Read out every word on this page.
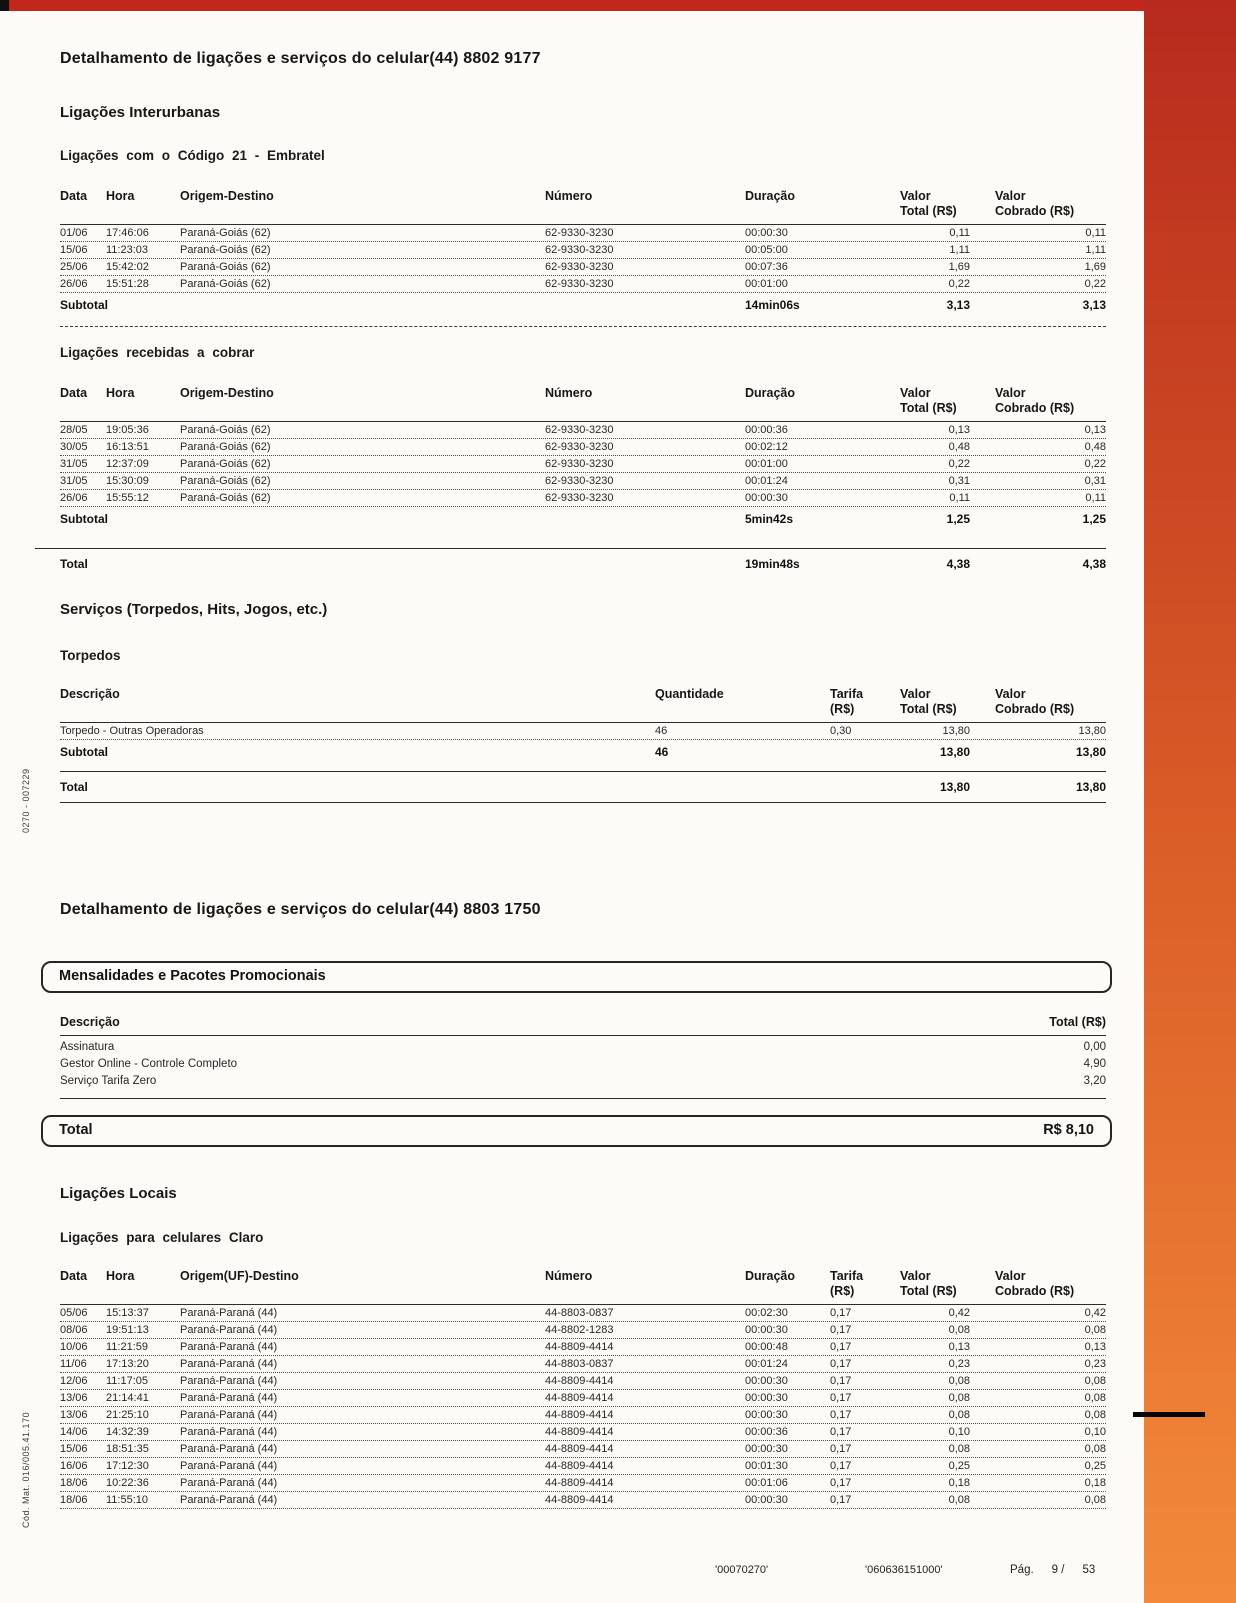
0270 - 007229
Cód. Mat. 016/005.41.170
Detalhamento de ligações e serviços do celular(44) 8802 9177
Ligações Interurbanas
Ligações com o Código 21 - Embratel
Data	Hora	Origem-Destino	Número	Duração	Valor
Total (R$)
Valor
Cobrado (R$)
01/06	17:46:06	Paraná-Goiás (62)	62-9330-3230	00:00:30	0,11	0,11
15/06	11:23:03	Paraná-Goiás (62)	62-9330-3230	00:05:00	1,11	1,11
25/06	15:42:02	Paraná-Goiás (62)	62-9330-3230	00:07:36	1,69	1,69
26/06	15:51:28	Paraná-Goiás (62)	62-9330-3230	00:01:00	0,22	0,22
Subtotal	14min06s	3,13	3,13
Ligações recebidas a cobrar
Data	Hora	Origem-Destino	Número	Duração	Valor
Total (R$)
Valor
Cobrado (R$)
28/05	19:05:36	Paraná-Goiás (62)	62-9330-3230	00:00:36	0,13	0,13
30/05	16:13:51	Paraná-Goiás (62)	62-9330-3230	00:02:12	0,48	0,48
31/05	12:37:09	Paraná-Goiás (62)	62-9330-3230	00:01:00	0,22	0,22
31/05	15:30:09	Paraná-Goiás (62)	62-9330-3230	00:01:24	0,31	0,31
26/06	15:55:12	Paraná-Goiás (62)	62-9330-3230	00:00:30	0,11	0,11
Subtotal	5min42s	1,25	1,25
Total	19min48s	4,38	4,38
Serviços (Torpedos, Hits, Jogos, etc.)
Torpedos
Descrição	Quantidade	Tarifa
(R$)
Valor
Total (R$)
Valor
Cobrado (R$)
Torpedo - Outras Operadoras	46	0,30	13,80	13,80
Subtotal	46	13,80	13,80
Total	13,80	13,80
Detalhamento de ligações e serviços do celular(44) 8803 1750
Mensalidades e Pacotes Promocionais
Descrição	Total (R$)
Assinatura	0,00
Gestor Online - Controle Completo	4,90
Serviço Tarifa Zero	3,20
Total	R$ 8,10
Ligações Locais
Ligações para celulares Claro
Data	Hora	Origem(UF)-Destino	Número	Duração	Tarifa
(R$)
Valor
Total (R$)
Valor
Cobrado (R$)
05/06	15:13:37	Paraná-Paraná (44)	44-8803-0837	00:02:30	0,17	0,42	0,42
08/06	19:51:13	Paraná-Paraná (44)	44-8802-1283	00:00:30	0,17	0,08	0,08
10/06	11:21:59	Paraná-Paraná (44)	44-8809-4414	00:00:48	0,17	0,13	0,13
11/06	17:13:20	Paraná-Paraná (44)	44-8803-0837	00:01:24	0,17	0,23	0,23
12/06	11:17:05	Paraná-Paraná (44)	44-8809-4414	00:00:30	0,17	0,08	0,08
13/06	21:14:41	Paraná-Paraná (44)	44-8809-4414	00:00:30	0,17	0,08	0,08
13/06	21:25:10	Paraná-Paraná (44)	44-8809-4414	00:00:30	0,17	0,08	0,08
14/06	14:32:39	Paraná-Paraná (44)	44-8809-4414	00:00:36	0,17	0,10	0,10
15/06	18:51:35	Paraná-Paraná (44)	44-8809-4414	00:00:30	0,17	0,08	0,08
16/06	17:12:30	Paraná-Paraná (44)	44-8809-4414	00:01:30	0,17	0,25	0,25
18/06	10:22:36	Paraná-Paraná (44)	44-8809-4414	00:01:06	0,17	0,18	0,18
18/06	11:55:10	Paraná-Paraná (44)	44-8809-4414	00:00:30	0,17	0,08	0,08
'00070270'	'060636151000'	Pág. 9 / 53
